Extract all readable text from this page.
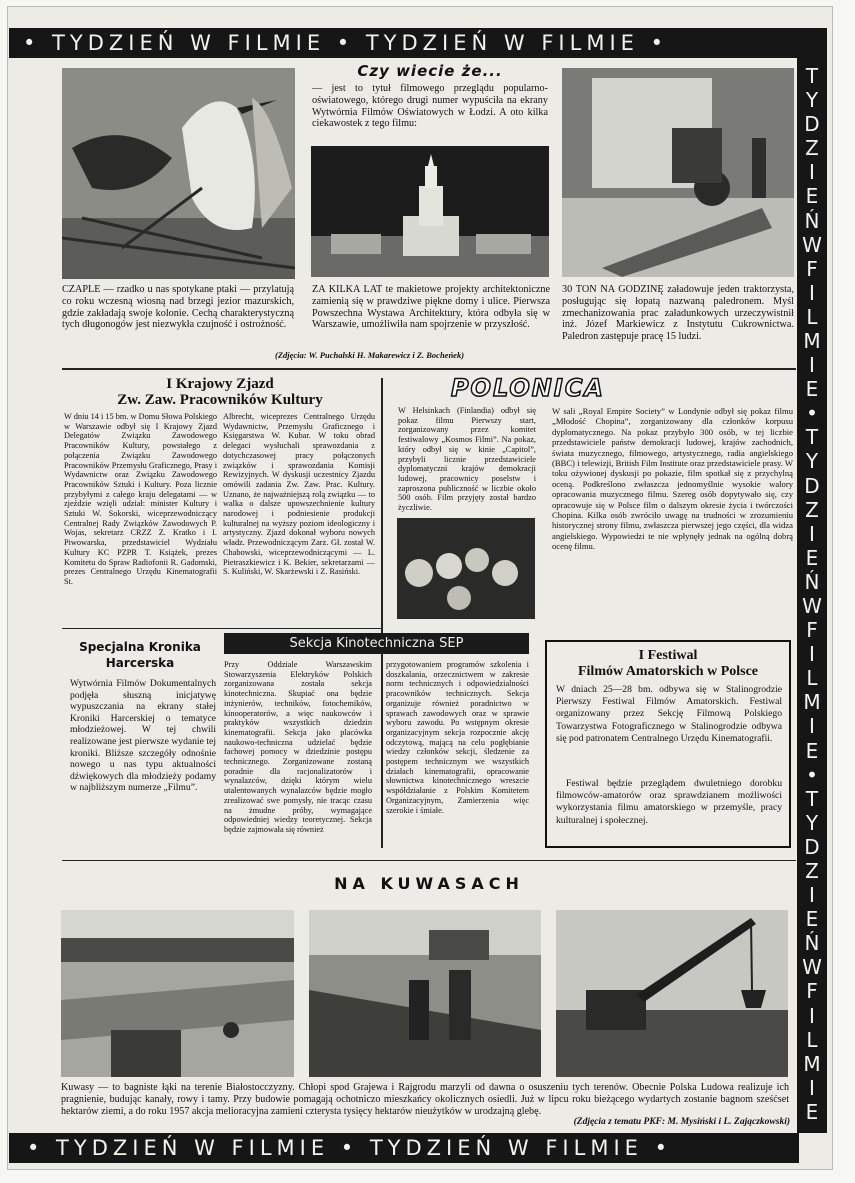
• TYDZIEŃ W FILMIE • TYDZIEŃ W FILMIE •
• TYDZIEŃ W FILMIE • TYDZIEŃ W FILMIE •
T
Y
D
Z
I
E
Ń
W
F
I
L
M
I
E
•
T
Y
D
Z
I
E
Ń
W
F
I
L
M
I
E
•
T
Y
D
Z
I
E
Ń
W
F
I
L
M
I
E
Czy wiecie że...
— jest to tytuł filmowego przeglądu popularno-oświatowego, którego drugi numer wypuściła na ekrany Wytwórnia Filmów Oświatowych w Łodzi. A oto kilka ciekawostek z tego filmu:
CZAPLE — rzadko u nas spotykane ptaki — przylatują co roku wczesną wiosną nad brzegi jezior mazurskich, gdzie zakładają swoje kolonie. Cechą charakterystyczną tych długonogów jest niezwykła czujność i ostrożność.
ZA KILKA LAT te makietowe projekty architektoniczne zamienią się w prawdziwe piękne domy i ulice. Pierwsza Powszechna Wystawa Architektury, która odbyła się w Warszawie, umożliwiła nam spojrzenie w przyszłość.
30 TON NA GODZINĘ załadowuje jeden traktorzysta, posługując się łopatą nazwaną paledronem. Myśl zmechanizowania prac załadunkowych urzeczywistnił inż. Józef Markiewicz z Instytutu Cukrownictwa. Paledron zastępuje pracę 15 ludzi.
(Zdjęcia: W. Puchalski H. Makarewicz i Z. Bocheńek)
I Krajowy Zjazd
Zw. Zaw. Pracowników Kultury
W dniu 14 i 15 bm. w Domu Słowa Polskiego w Warszawie odbył się I Krajowy Zjazd Delegatów Związku Zawodowego Pracowników Kultury, powstałego z połączenia Związku Zawodowego Pracowników Przemysłu Graficznego, Prasy i Wydawnictw oraz Związku Zawodowego Pracowników Sztuki i Kultury. Poza licznie przybyłymi z całego kraju delegatami — w zjeździe wzięli udział: minister Kultury i Sztuki W. Sokorski, wiceprzewodniczący Centralnej Rady Związków Zawodowych P. Wojas, sekretarz CRZZ Z. Kratko i I. Piwowarska, przedstawiciel Wydziału Kultury KC PZPR T. Książek, prezes Komitetu do Spraw Radiofonii R. Gadomski, prezes Centralnego Urzędu Kinematografii St.
Albrecht, wiceprezes Centralnego Urzędu Wydawnictw, Przemysłu Graficznego i Księgarstwa W. Kubar. W toku obrad delegaci wysłuchali sprawozdania z dotychczasowej pracy połączonych związków i sprawozdania Komisji Rewizyjnych. W dyskusji uczestnicy Zjazdu omówili zadania Zw. Zaw. Prac. Kultury. Uznano, że najważniejszą rolą związku — to walka o dalsze upowszechnienie kultury narodowej i podniesienie produkcji kulturalnej na wyższy poziom ideologiczny i artystyczny. Zjazd dokonał wyboru nowych władz. Przewodniczącym Zarz. Gł. został W. Chabowski, wiceprzewodniczącymi — L. Pietraszkiewicz i K. Bekier, sekretarzami — S. Kuliński, W. Skarżewski i Z. Rasiński.
POLONICA
W Helsinkach (Finlandia) odbył się pokaz filmu Pierwszy start, zorganizowany przez komitet festiwalowy „Kosmos Filmi”. Na pokaz, który odbył się w kinie „Capitol”, przybyli licznie przedstawiciele dyplomatyczni krajów demokracji ludowej, pracownicy poselstw i zaproszona publiczność w liczbie około 500 osób. Film przyjęty został bardzo życzliwie.
W sali „Royal Empire Society” w Londynie odbył się pokaz filmu „Młodość Chopina”, zorganizowany dla członków korpusu dyplomatycznego. Na pokaz przybyło 300 osób, w tej liczbie przedstawiciele państw demokracji ludowej, krajów zachodnich, świata muzycznego, filmowego, artystycznego, radia angielskiego (BBC) i telewizji, British Film Institute oraz przedstawiciele prasy. W toku ożywionej dyskusji po pokazie, film spotkał się z przychylną oceną. Podkreślono zwłaszcza jednomyślnie wysokie walory opracowania muzycznego filmu. Szereg osób dopytywało się, czy opracowuje się w Polsce film o dalszym okresie życia i twórczości Chopina. Kilka osób zwróciło uwagę na trudności w zrozumieniu historycznej strony filmu, zwłaszcza pierwszej jego części, dla widza angielskiego. Wypowiedzi te nie wpłynęły jednak na ogólną dobrą ocenę filmu.
Specjalna Kronika
Harcerska
Wytwórnia Filmów Dokumentalnych podjęła słuszną inicjatywę wypuszczania na ekrany stałej Kroniki Harcerskiej o tematyce młodzieżowej. W tej chwili realizowane jest pierwsze wydanie tej kroniki. Bliższe szczegóły odnośnie nowego u nas typu aktualności dźwiękowych dla młodzieży podamy w najbliższym numerze „Filmu”.
Sekcja Kinotechniczna SEP
Przy Oddziale Warszawskim Stowarzyszenia Elektryków Polskich zorganizowana została sekcja kinotechniczna. Skupiać ona będzie inżynierów, techników, fotochemików, kinooperatorów, a więc naukowców i praktyków wszystkich dziedzin kinematografii. Sekcja jako placówka naukowo-techniczna udzielać będzie fachowej pomocy w dziedzinie postępu technicznego. Zorganizowane zostaną poradnie dla racjonalizatorów i wynalazców, dzięki którym wielu utalentowanych wynalazców będzie mogło zrealizować swe pomysły, nie tracąc czasu na żmudne próby, wymagające odpowiedniej wiedzy teoretycznej. Sekcja będzie zajmowała się również
przygotowaniem programów szkolenia i doszkalania, orzecznictwem w zakresie norm technicznych i odpowiedzialności pracowników technicznych. Sekcja organizuje również poradnictwo w sprawach zawodowych oraz w sprawie wyboru zawodu. Po wstępnym okresie organizacyjnym sekcja rozpocznie akcję odczytową, mającą na celu pogłębianie wiedzy członków sekcji, śledzenie za postępem technicznym we wszystkich działach kinematografii, opracowanie słownictwa kinotechnicznego wreszcie współdziałanie z Polskim Komitetem Organizacyjnym, Zamierzenia więc szerokie i śmiałe.
I Festiwal
Filmów Amatorskich w Polsce
W dniach 25—28 bm. odbywa się w Stalinogrodzie Pierwszy Festiwal Filmów Amatorskich. Festiwal organizowany przez Sekcję Filmową Polskiego Towarzystwa Fotograficznego w Stalinogrodzie odbywa się pod patronatem Centralnego Urzędu Kinematografii.
Festiwal będzie przeglądem dwuletniego dorobku filmowców-amatorów oraz sprawdzianem możliwości wykorzystania filmu amatorskiego w przemyśle, pracy kulturalnej i społecznej.
NA KUWASACH
Kuwasy — to bagniste łąki na terenie Białostocczyzny. Chłopi spod Grajewa i Rajgrodu marzyli od dawna o osuszeniu tych terenów. Obecnie Polska Ludowa realizuje ich pragnienie, budując kanały, rowy i tamy. Przy budowie pomagają ochotniczo mieszkańcy okolicznych osiedli. Już w lipcu roku bieżącego wydartych zostanie bagnom sześćset hektarów ziemi, a do roku 1957 akcja melioracyjna zamieni czterysta tysięcy hektarów nieużytków w urodzajną glebę.
(Zdjęcia z tematu PKF: M. Mysiński i L. Zajączkowski)
